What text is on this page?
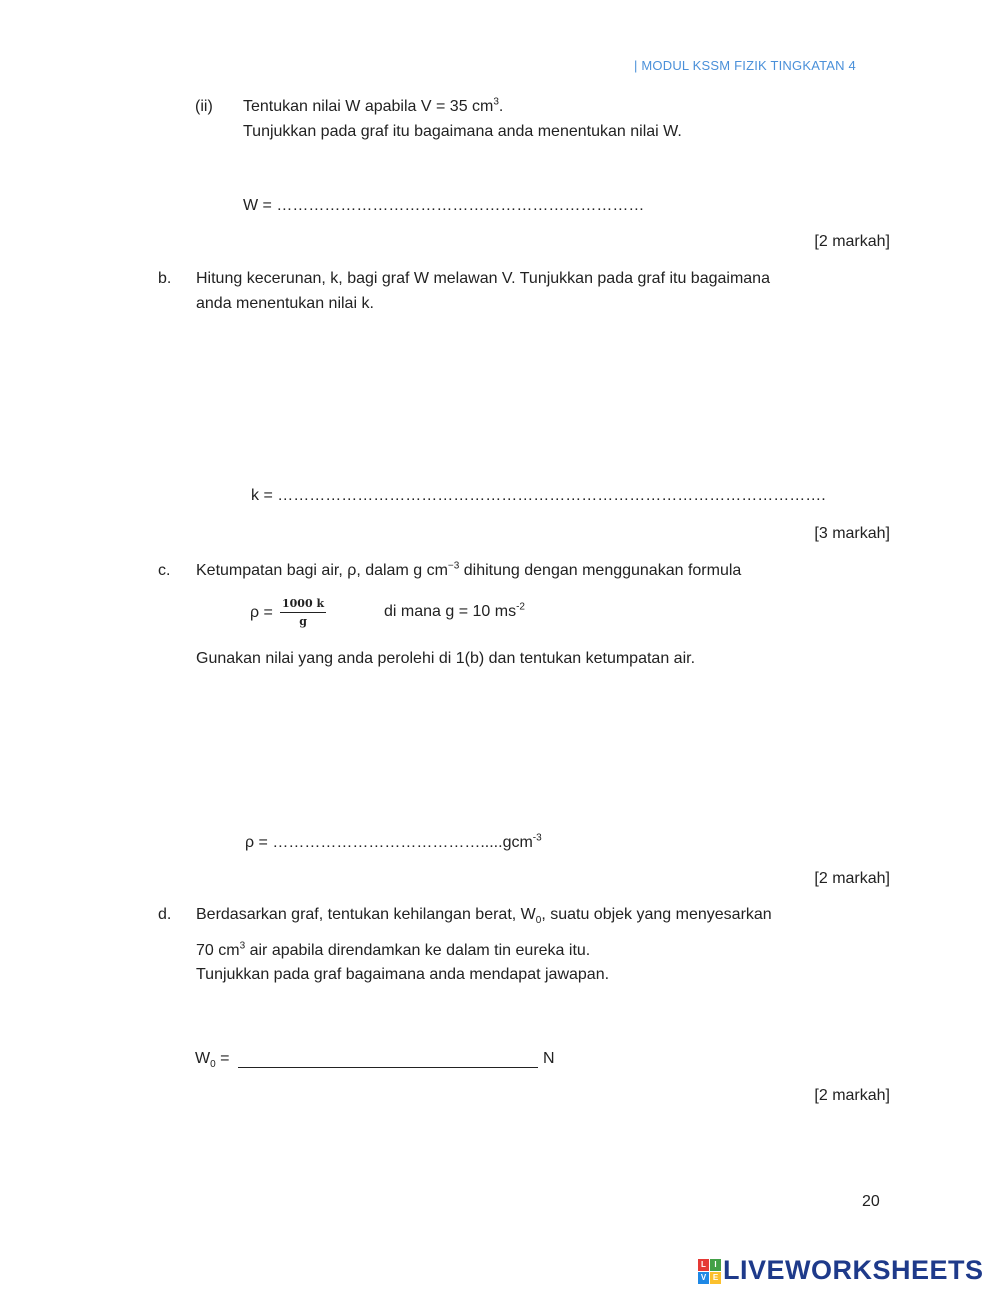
| MODUL KSSM FIZIK TINGKATAN 4
(ii) Tentukan nilai W apabila V = 35 $cm^3$.
Tunjukkan pada graf itu bagaimana anda menentukan nilai W.
W = ……………………………………………………………
[2 markah]
b. Hitung kecerunan, k, bagi graf W melawan V. Tunjukkan pada graf itu bagaimana
anda menentukan nilai k.
k = ………………………………………………………………………………………….
[3 markah]
c. Ketumpatan bagi air, ρ, dalam g $cm^{-3}$ dihitung dengan menggunakan formula
$\rho = \frac{1000 k}{g}$	di mana g = 10 $ms^{-2}$
Gunakan nilai yang anda perolehi di 1(b) dan tentukan ketumpatan air.
ρ = ………………………………….....gcm$^{-3}$
[2 markah]
d. Berdasarkan graf, tentukan kehilangan berat, $W_0$, suatu objek yang menyesarkan
70 $cm^3$ air apabila direndamkan ke dalam tin eureka itu.
Tunjukkan pada graf bagaimana anda mendapat jawapan.
$W_0$ =	N
[2 markah]
20
L	I
V E LIVEWORKSHEETS
